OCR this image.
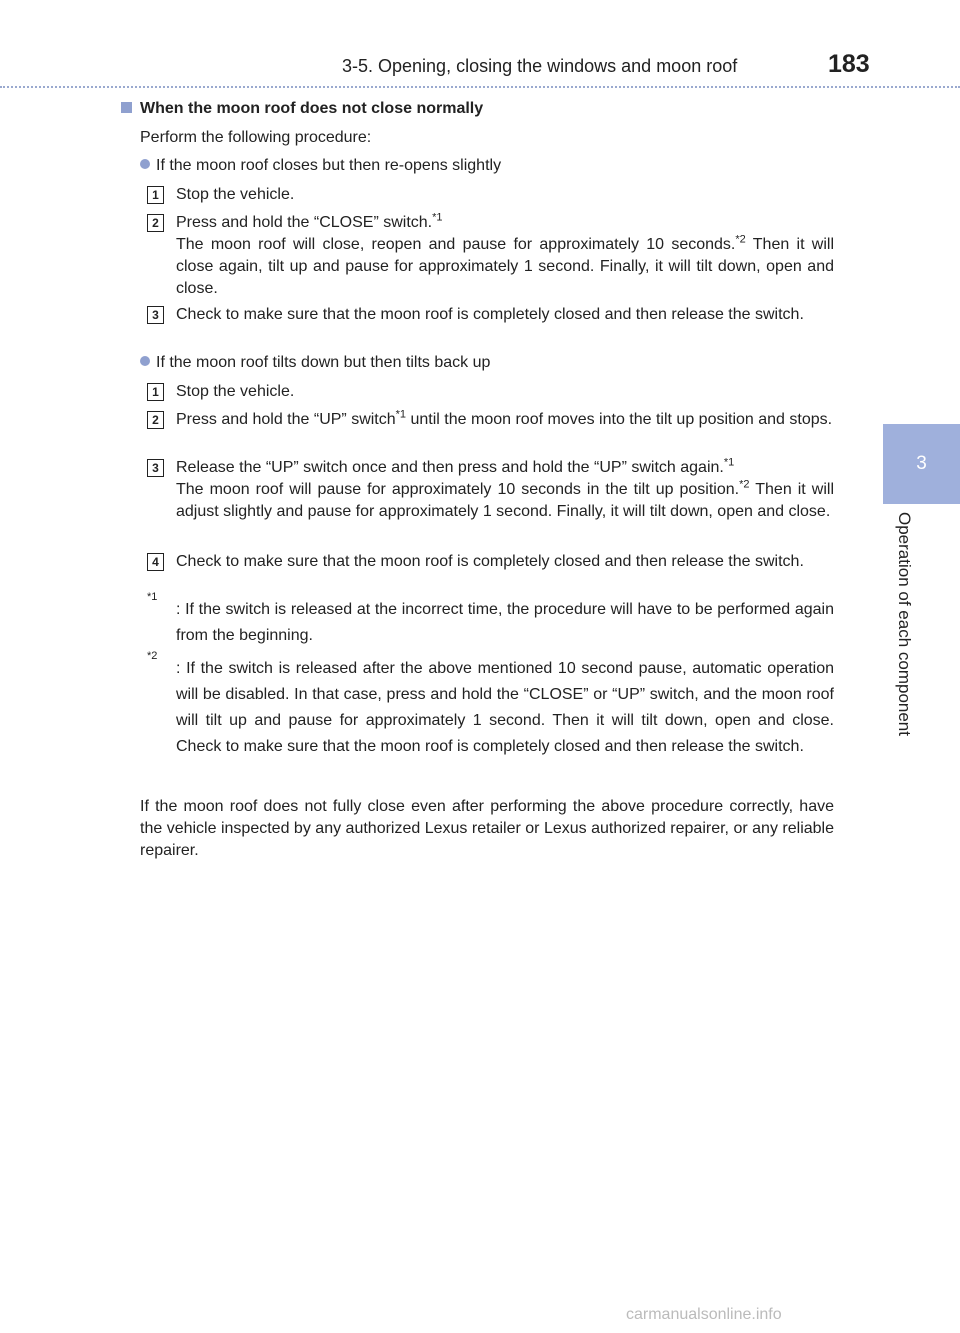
3-5. Opening, closing the windows and moon roof	183
3
Operation of each component
When the moon roof does not close normally
Perform the following procedure:
If the moon roof closes but then re-opens slightly
1	Stop the vehicle.
2	Press and hold the “CLOSE” switch.$^{*1}$

The moon roof will close, reopen and pause for approximately 10 seconds.$^{*2}$ Then it will close again, tilt up and pause for approximately 1 second. Finally, it will tilt down, open and close.

3	Check to make sure that the moon roof is completely closed and then release the switch.
If the moon roof tilts down but then tilts back up
1	Stop the vehicle.
2	Press and hold the “UP” switch$^{*1}$ until the moon roof moves into the tilt up position and stops.
3	Release the “UP” switch once and then press and hold the “UP” switch again.$^{*1}$

The moon roof will pause for approximately 10 seconds in the tilt up position.$^{*2}$ Then it will adjust slightly and pause for approximately 1 second. Finally, it will tilt down, open and close.

4	Check to make sure that the moon roof is completely closed and then release the switch.
*1
: If the switch is released at the incorrect time, the procedure will have to be performed again from the beginning.
*2
: If the switch is released after the above mentioned 10 second pause, automatic operation will be disabled. In that case, press and hold the “CLOSE” or “UP” switch, and the moon roof will tilt up and pause for approximately 1 second. Then it will tilt down, open and close. Check to make sure that the moon roof is completely closed and then release the switch.
If the moon roof does not fully close even after performing the above procedure correctly, have the vehicle inspected by any authorized Lexus retailer or Lexus authorized repairer, or any reliable repairer.
carmanualsonline.info
